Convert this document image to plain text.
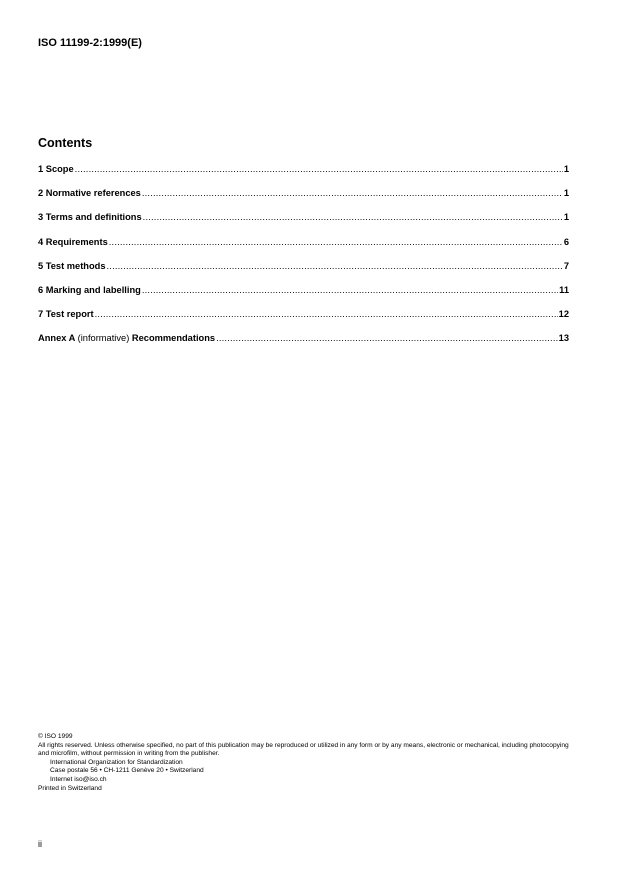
ISO 11199-2:1999(E)
Contents
1 Scope .....	1
2 Normative references .....	1
3 Terms and definitions .....	1
4 Requirements .....	6
5 Test methods .....	7
6 Marking and labelling .....	11
7 Test report .....	12
Annex A (informative) Recommendations .....	13

© ISO 1999

All rights reserved. Unless otherwise specified, no part of this publication may be reproduced or utilized in any form or by any means, electronic or mechanical, including photocopying and microfilm, without permission in writing from the publisher.

International Organization for Standardization

Case postale 56 • CH-1211 Genève 20 • Switzerland

Internet iso@iso.ch

Printed in Switzerland

ii
